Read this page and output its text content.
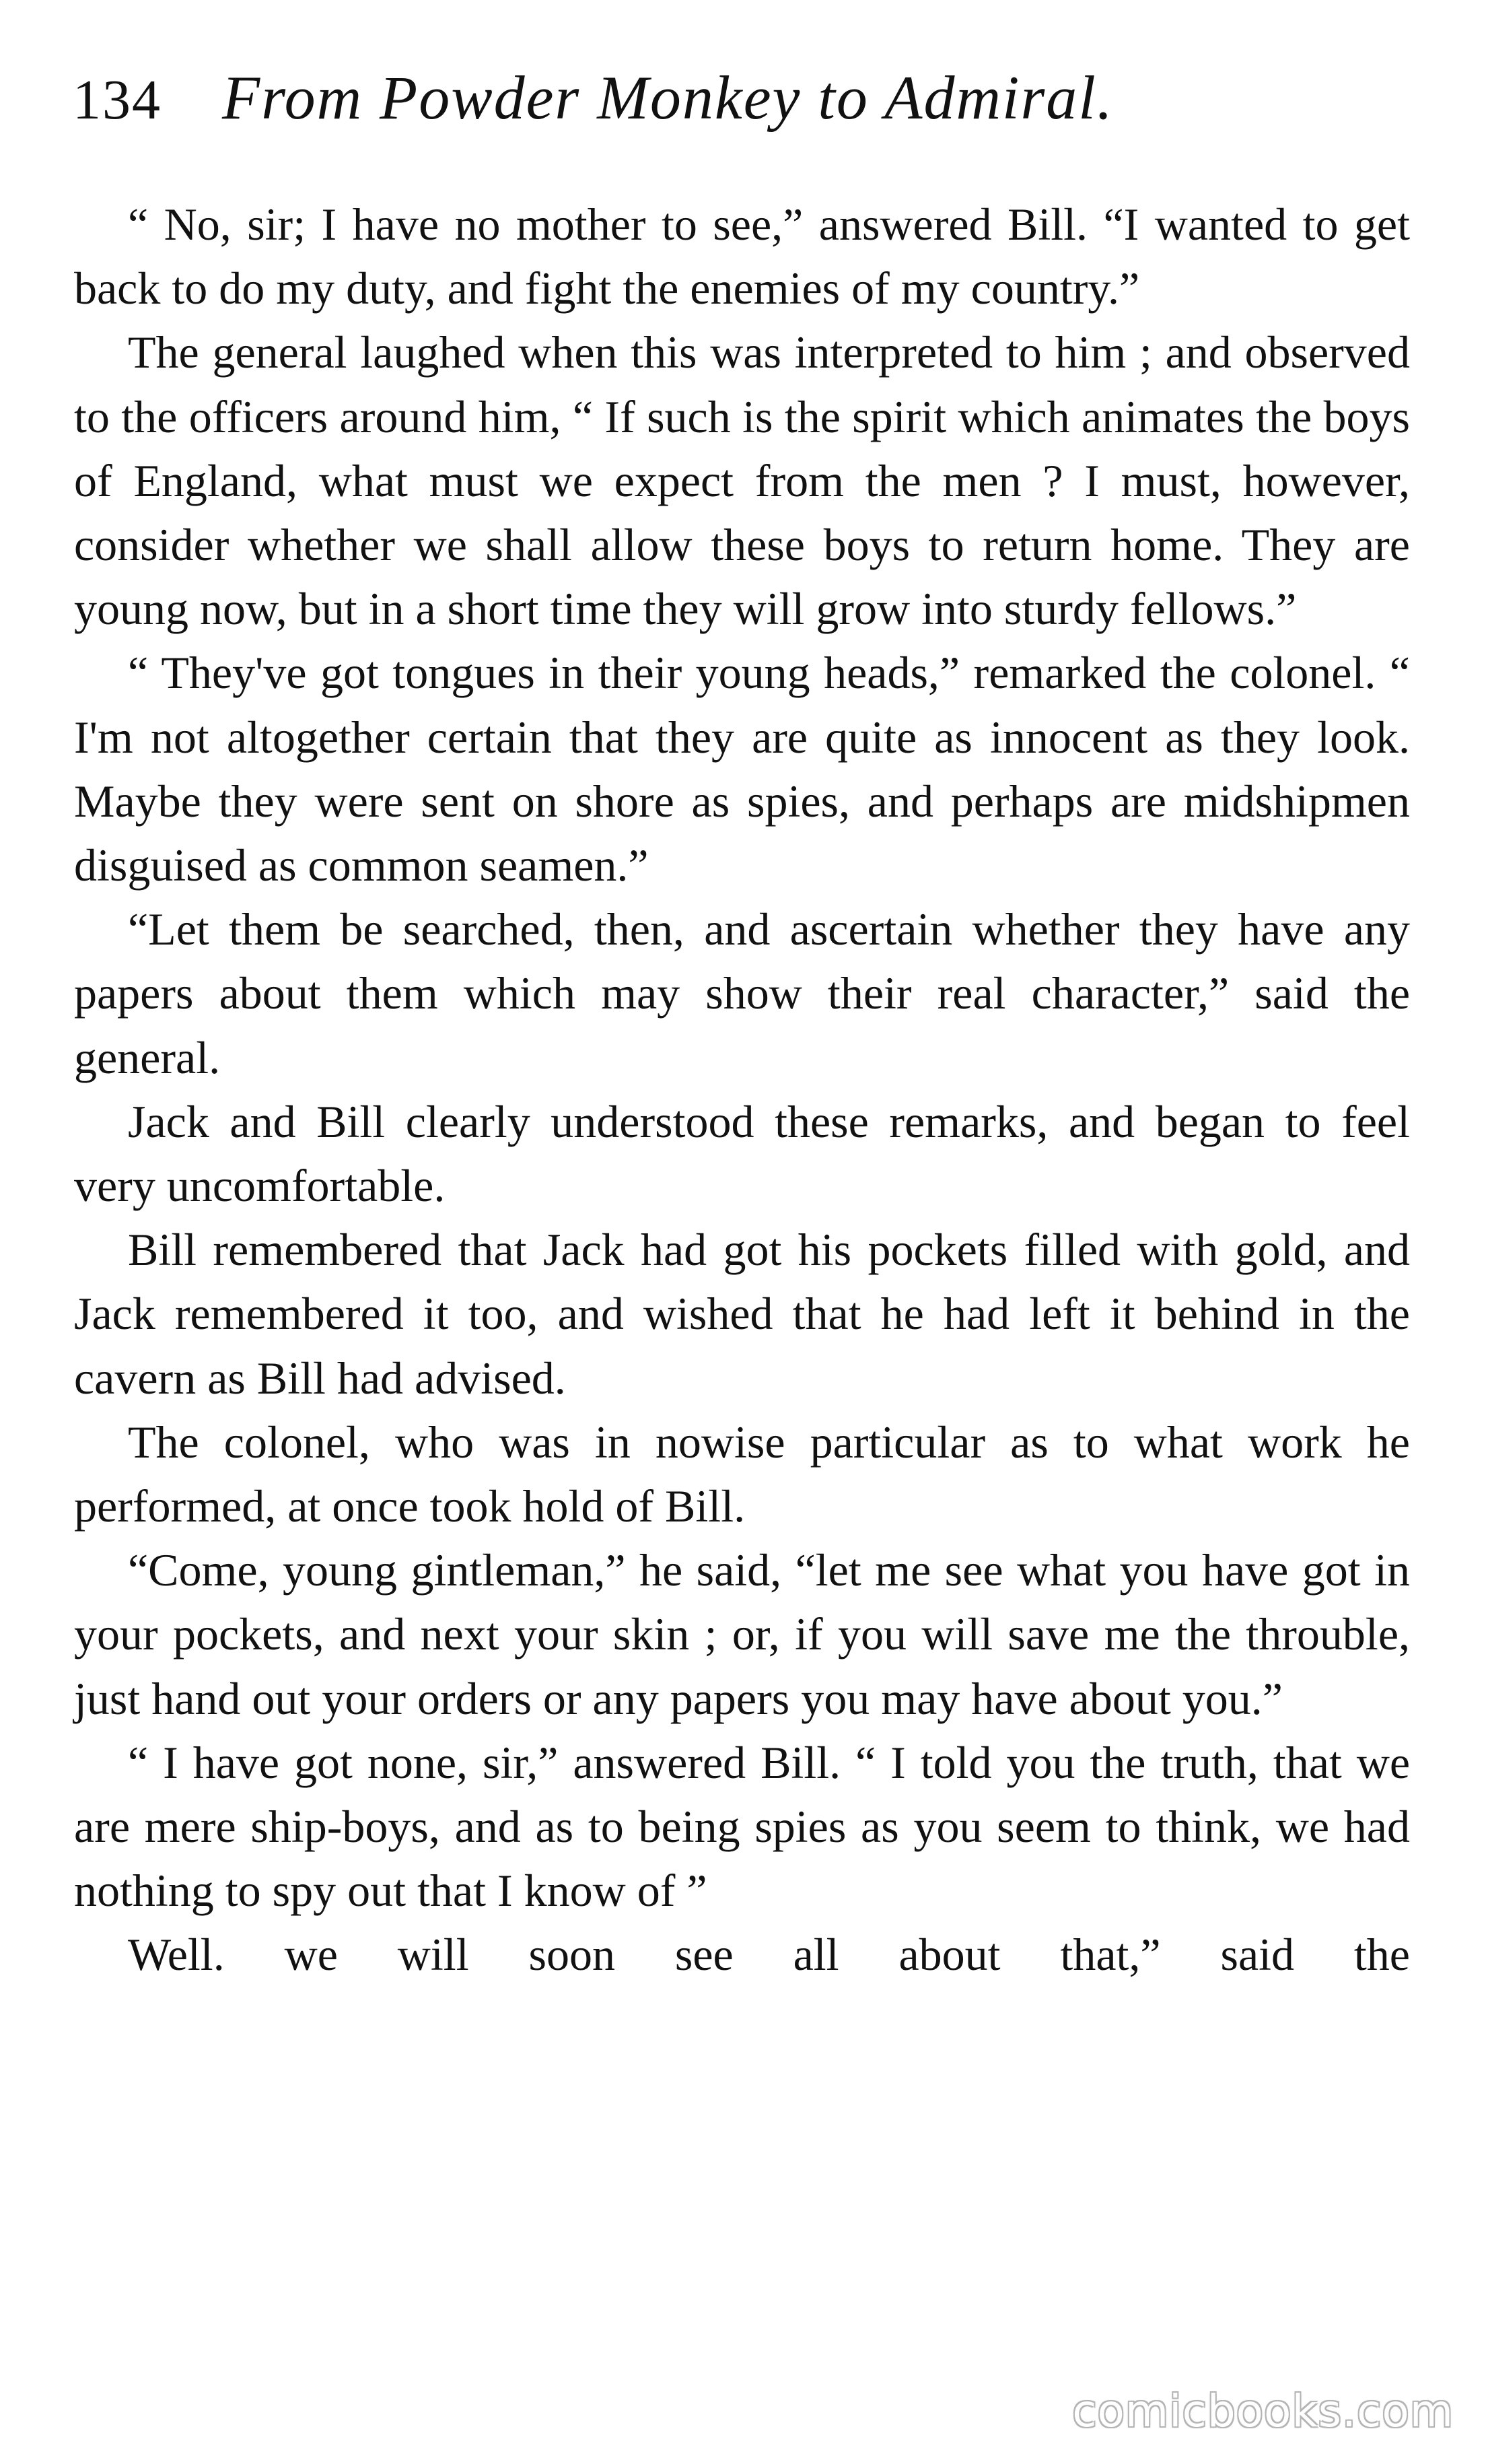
134 From Powder Monkey to Admiral.

“ No, sir; I have no mother to see,” answered Bill. “I wanted to get back to do my duty, and fight the enemies of my country.”

The general laughed when this was interpreted to him ; and observed to the officers around him, “ If such is the spirit which animates the boys of England, what must we expect from the men ? I must, however, consider whether we shall allow these boys to return home. They are young now, but in a short time they will grow into sturdy fellows.”

“ They've got tongues in their young heads,” remarked the colonel. “ I'm not altogether certain that they are quite as innocent as they look. Maybe they were sent on shore as spies, and perhaps are midshipmen disguised as common seamen.”

“Let them be searched, then, and ascertain whether they have any papers about them which may show their real character,” said the general.

Jack and Bill clearly understood these remarks, and began to feel very uncomfortable.

Bill remembered that Jack had got his pockets filled with gold, and Jack remembered it too, and wished that he had left it behind in the cavern as Bill had advised.

The colonel, who was in nowise particular as to what work he performed, at once took hold of Bill.

“Come, young gintleman,” he said, “let me see what you have got in your pockets, and next your skin ; or, if you will save me the throuble, just hand out your orders or any papers you may have about you.”

“ I have got none, sir,” answered Bill. “ I told you the truth, that we are mere ship-boys, and as to being spies as you seem to think, we had nothing to spy out that I know of ”

Well. we will soon see all about that,” said the

comicbooks.com
